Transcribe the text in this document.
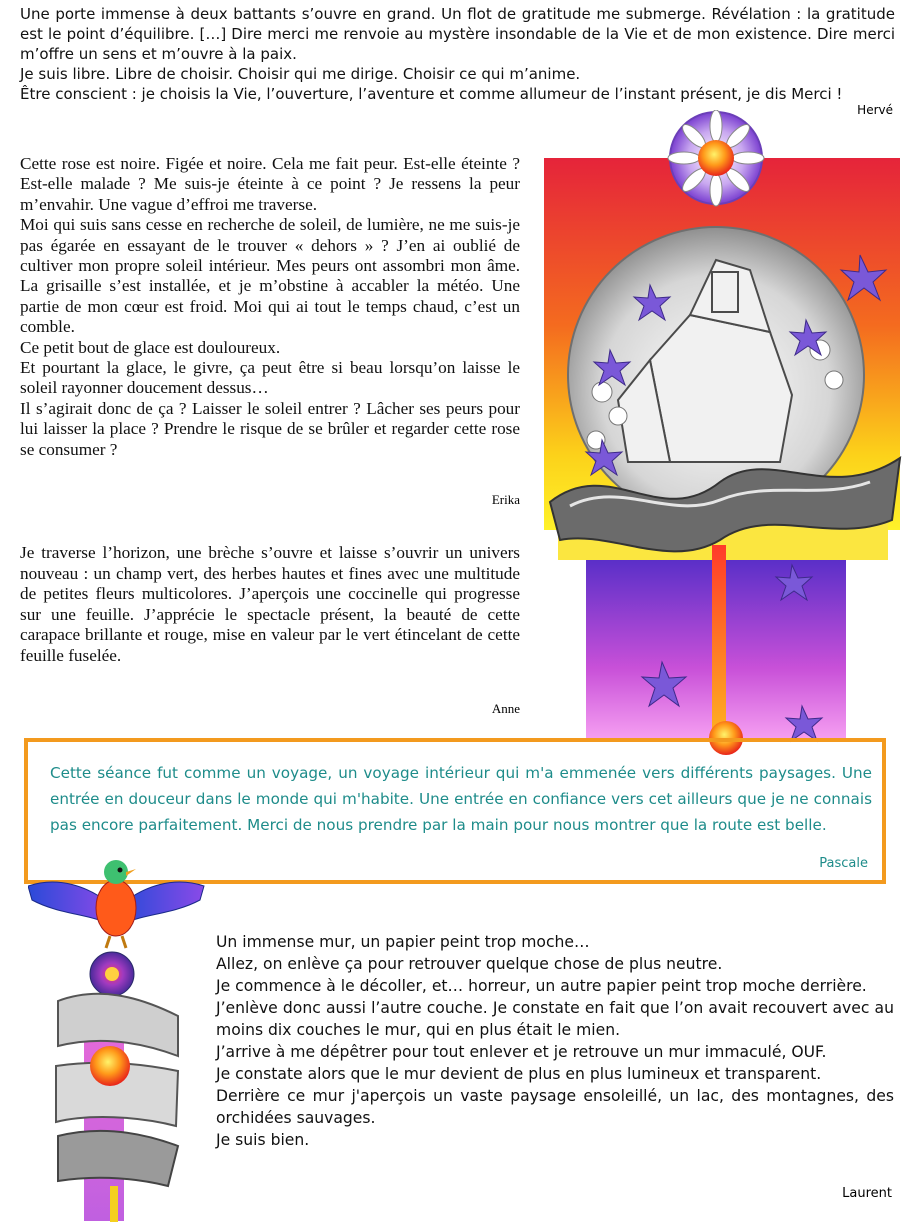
Une porte immense à deux battants s’ouvre en grand. Un flot de gratitude me submerge. Révélation : la gratitude est le point d’équilibre. […] Dire merci me renvoie au mystère insondable de la Vie et de mon existence. Dire merci m’offre un sens et m’ouvre à la paix.

Je suis libre. Libre de choisir. Choisir qui me dirige. Choisir ce qui m’anime.

Être conscient : je choisis la Vie, l’ouverture, l’aventure et comme allumeur de l’instant présent, je dis Merci !

Hervé

Cette rose est noire. Figée et noire. Cela me fait peur. Est-elle éteinte ? Est-elle malade ? Me suis-je éteinte à ce point ? Je ressens la peur m’envahir. Une vague d’effroi me traverse.

Moi qui suis sans cesse en recherche de soleil, de lumière, ne me suis-je pas égarée en essayant de le trouver « dehors » ? J’en ai oublié de cultiver mon propre soleil intérieur. Mes peurs ont assombri mon âme. La grisaille s’est installée, et je m’obstine à accabler la météo. Une partie de mon cœur est froid. Moi qui ai tout le temps chaud, c’est un comble.

Ce petit bout de glace est douloureux.

Et pourtant la glace, le givre, ça peut être si beau lorsqu’on laisse le soleil rayonner doucement dessus…

Il s’agirait donc de ça ? Laisser le soleil entrer ? Lâcher ses peurs pour lui laisser la place ? Prendre le risque de se brûler et regarder cette rose se consumer ?

Erika

Je traverse l’horizon, une brèche s’ouvre et laisse s’ouvrir un univers nouveau : un champ vert, des herbes hautes et fines avec une multitude de petites fleurs multicolores. J’aperçois une coccinelle qui progresse sur une feuille. J’apprécie le spectacle présent, la beauté de cette carapace brillante et rouge, mise en valeur par le vert étincelant de cette feuille fuselée.

Anne
Cette séance fut comme un voyage, un voyage intérieur qui m'a emmenée vers différents paysages. Une entrée en douceur dans le monde qui m'habite. Une entrée en confiance vers cet ailleurs que je ne connais pas encore parfaitement. Merci de nous prendre par la main pour nous montrer que la route est belle.
Pascale

Un immense mur, un papier peint trop moche…

Allez, on enlève ça pour retrouver quelque chose de plus neutre.

Je commence à le décoller, et… horreur, un autre papier peint trop moche derrière.

J’enlève donc aussi l’autre couche. Je constate en fait que l’on avait recouvert avec au moins dix couches le mur, qui en plus était le mien.

J’arrive à me dépêtrer pour tout enlever et je retrouve un mur immaculé, OUF.

Je constate alors que le mur devient de plus en plus lumineux et transparent.

Derrière ce mur j'aperçois un vaste paysage ensoleillé, un lac, des montagnes, des orchidées sauvages.

Je suis bien.

Laurent
